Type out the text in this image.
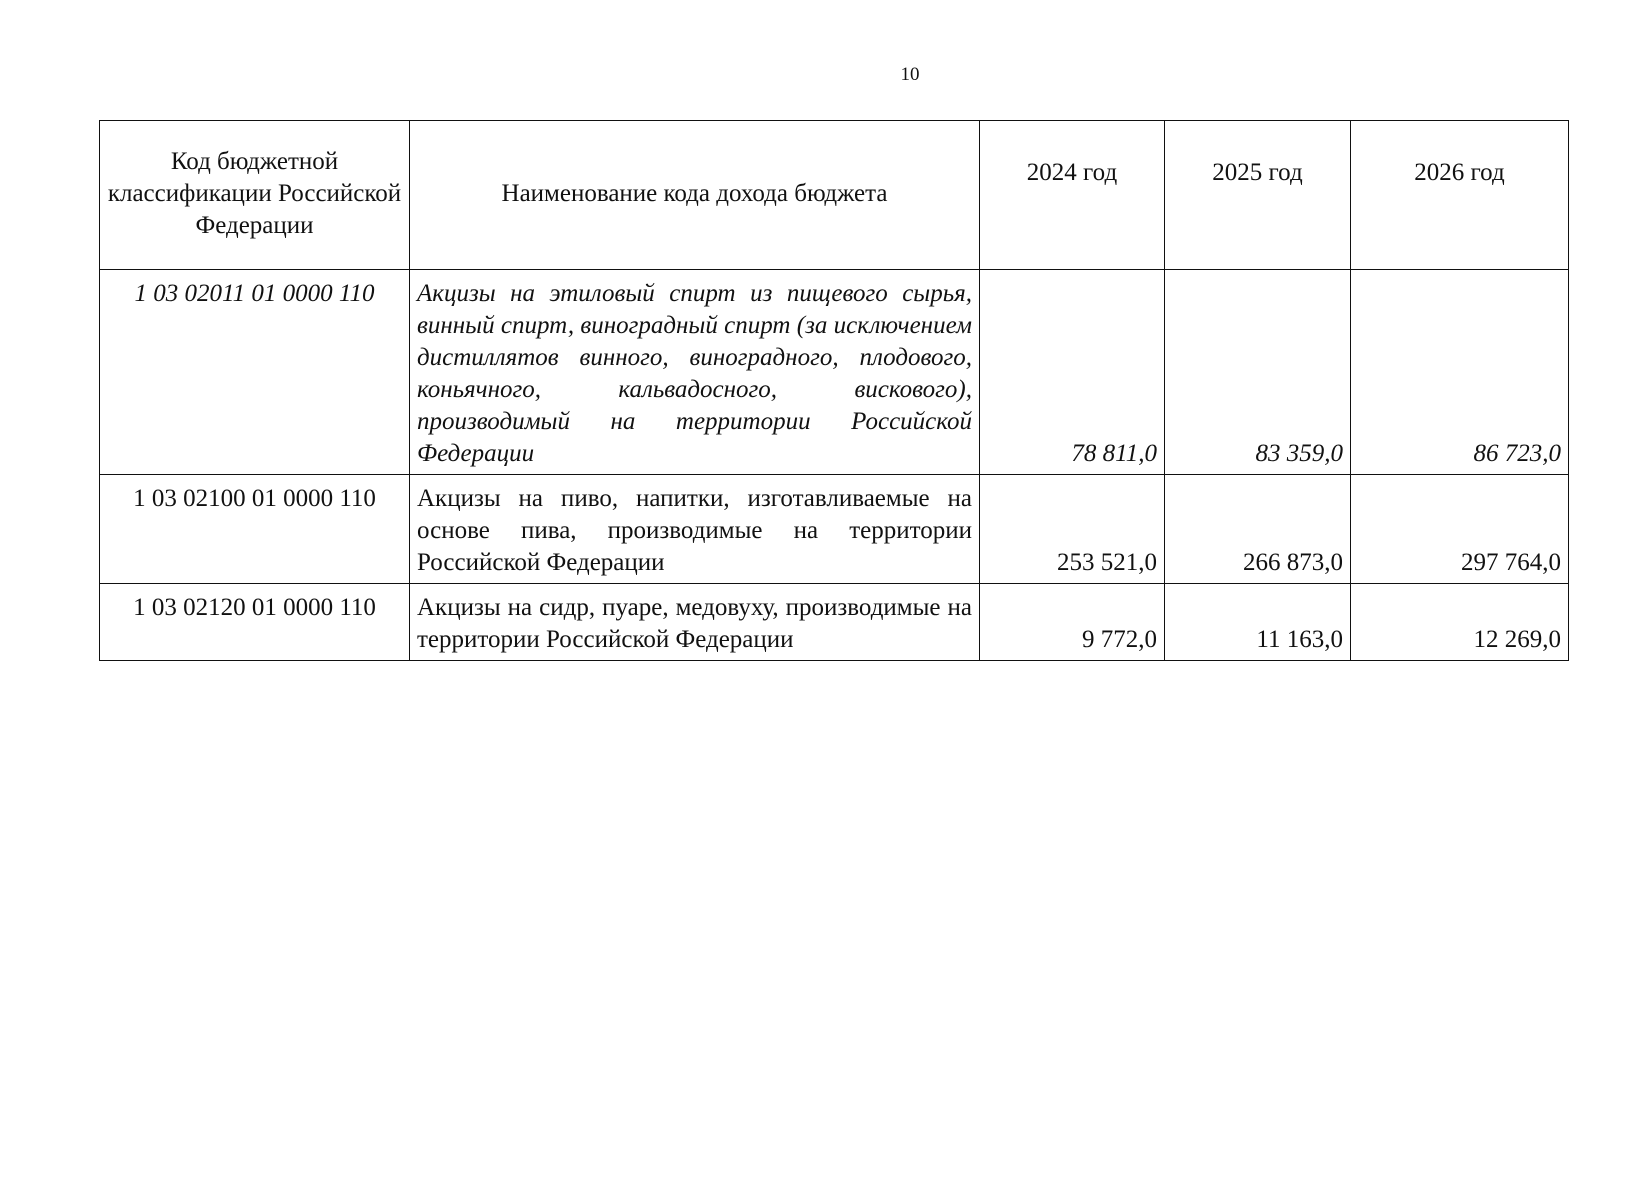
10
Код бюджетной классификации Российской Федерации	Наименование кода дохода бюджета	2024 год	2025 год	2026 год
1 03 02011 01 0000 110	Акцизы на этиловый спирт из пищевого сырья, винный спирт, виноградный спирт (за исключением дистиллятов винного, виноградного, плодового, коньячного, кальвадосного, вискового), производимый на территории Российской Федерации	78 811,0	83 359,0	86 723,0
1 03 02100 01 0000 110	Акцизы на пиво, напитки, изготавливаемые на основе пива, производимые на территории Российской Федерации	253 521,0	266 873,0	297 764,0
1 03 02120 01 0000 110	Акцизы на сидр, пуаре, медовуху, производимые на территории Российской Федерации	9 772,0	11 163,0	12 269,0
